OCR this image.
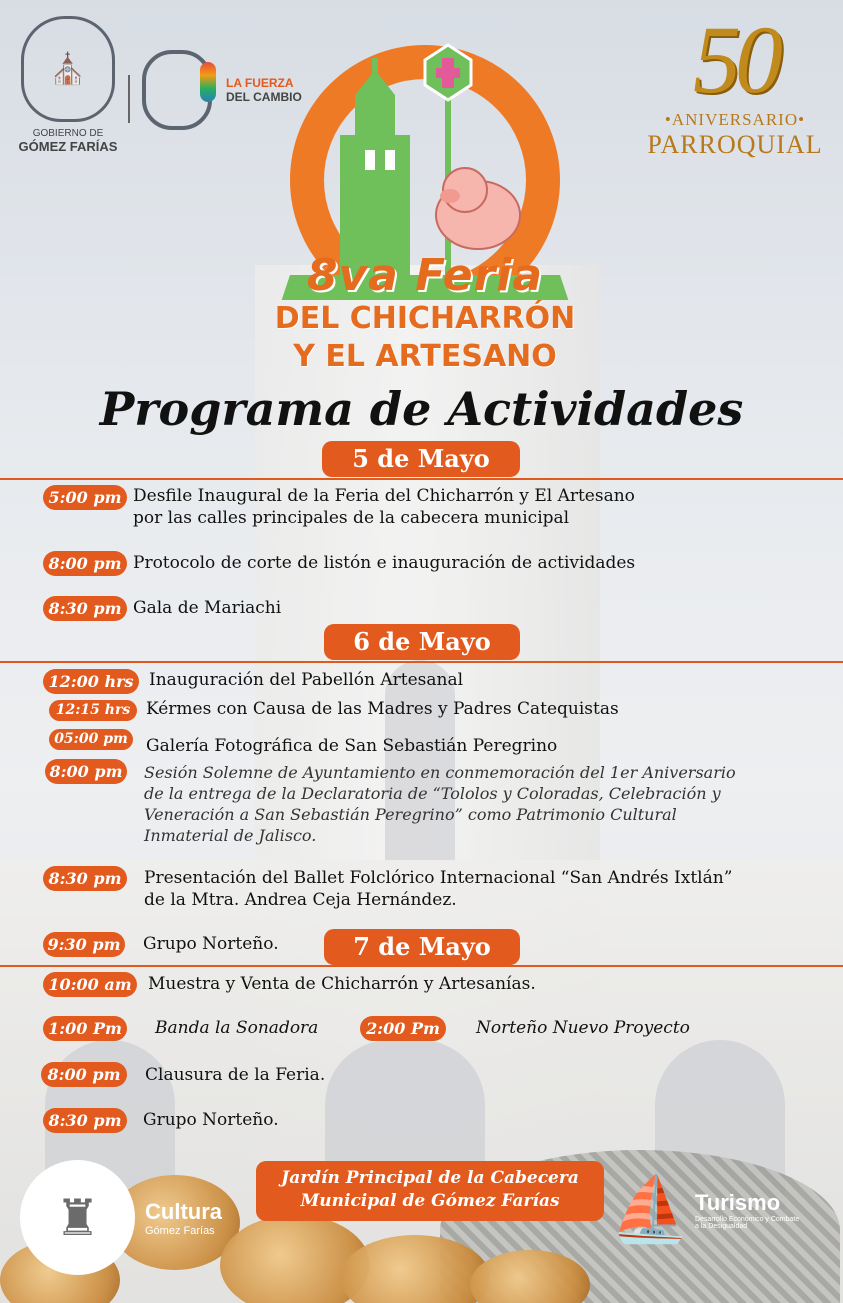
⛪
GOBIERNO DE
GÓMEZ FARÍAS
LA FUERZA
DEL CAMBIO	50
•ANIVERSARIO•
PARROQUIAL
8va Feria
DEL CHICHARRÓN
Y EL ARTESANO
Programa de Actividades
5 de Mayo
5:00 pm Desfile Inaugural de la Feria del Chicharrón y El Artesano
por las calles principales de la cabecera municipal
8:00 pm Protocolo de corte de listón e inauguración de actividades
8:30 pm Gala de Mariachi
6 de Mayo
12:00 hrs Inauguración del Pabellón Artesanal
12:15 hrs Kérmes con Causa de las Madres y Padres Catequistas
05:00 pm	Galería Fotográfica de San Sebastián Peregrino
8:00 pm Sesión Solemne de Ayuntamiento en conmemoración del 1er Aniversario
de la entrega de la Declaratoria de “Tololos y Coloradas, Celebración y
Veneración a San Sebastián Peregrino” como Patrimonio Cultural
Inmaterial de Jalisco.
8:30 pm	Presentación del Ballet Folclórico Internacional “San Andrés Ixtlán”
de la Mtra. Andrea Ceja Hernández.
9:30 pm Grupo Norteño.	7 de Mayo
10:00 am Muestra y Venta de Chicharrón y Artesanías.
1:00 Pm Banda la Sonadora	2:00 Pm	Norteño Nuevo Proyecto
8:00 pm	Clausura de la Feria.
8:30 pm	Grupo Norteño.
Jardín Principal de la Cabecera
Municipal de Gómez Farías
♜	Cultura
Gómez Farías	⛵ Turismo
Desarrollo Económico y Combate a la Desigualdad
